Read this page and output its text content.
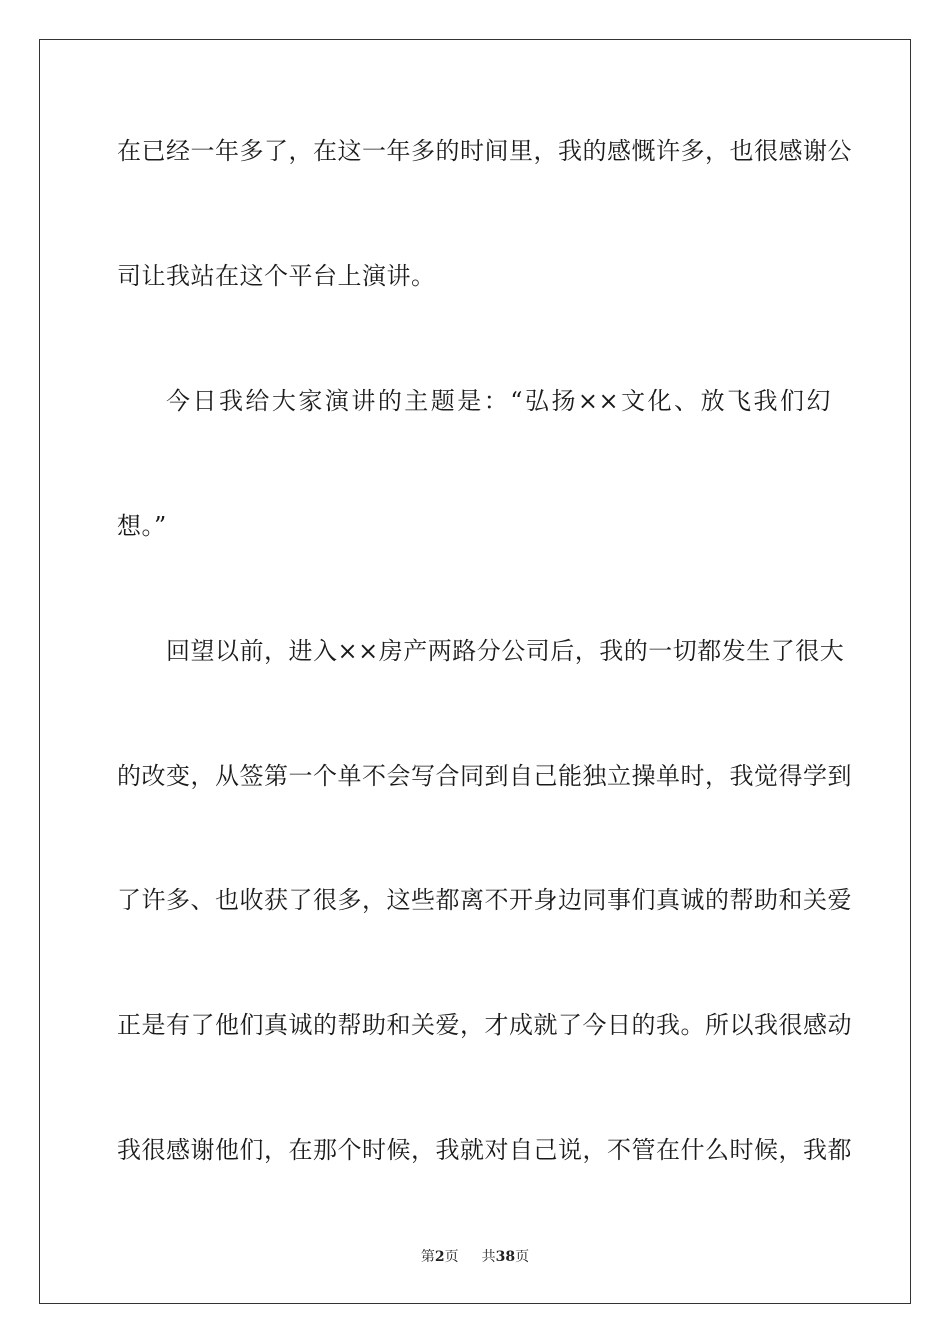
在已经一年多了，在这一年多的时间里，我的感慨许多，也很感谢公
司让我站在这个平台上演讲。
今日我给大家演讲的主题是：“弘扬××文化、放飞我们幻
想。”
回望以前，进入××房产两路分公司后，我的一切都发生了很大
的改变，从签第一个单不会写合同到自己能独立操单时，我觉得学到
了许多、也收获了很多，这些都离不开身边同事们真诚的帮助和关爱
正是有了他们真诚的帮助和关爱，才成就了今日的我。所以我很感动
我很感谢他们，在那个时候，我就对自己说，不管在什么时候，我都
第2页 共38页
